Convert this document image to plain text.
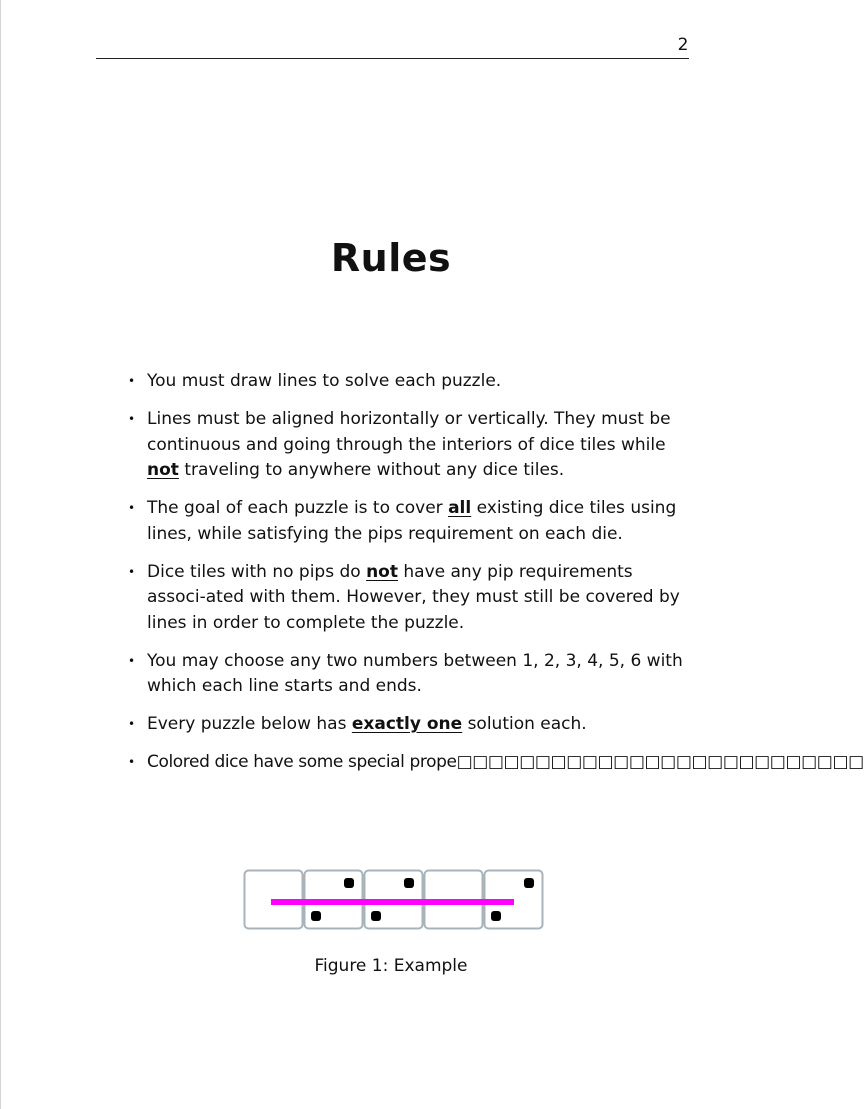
2
Rules
• You must draw lines to solve each puzzle.
• Lines must be aligned horizontally or vertically. They must be continuous and going through the interiors of dice tiles while not traveling to anywhere without any dice tiles.
• The goal of each puzzle is to cover all existing dice tiles using lines, while satisfying the pips requirement on each die.
• Dice tiles with no pips do not have any pip requirements associ-ated with them. However, they must still be covered by lines in order to complete the puzzle.
• You may choose any two numbers between 1, 2, 3, 4, 5, 6 with which each line starts and ends.
• Every puzzle below has exactly one solution each.
• Colored dice have some special prope□□□□□□□□□□□□□□□□□□□□□□□□□□
Figure 1: Example
